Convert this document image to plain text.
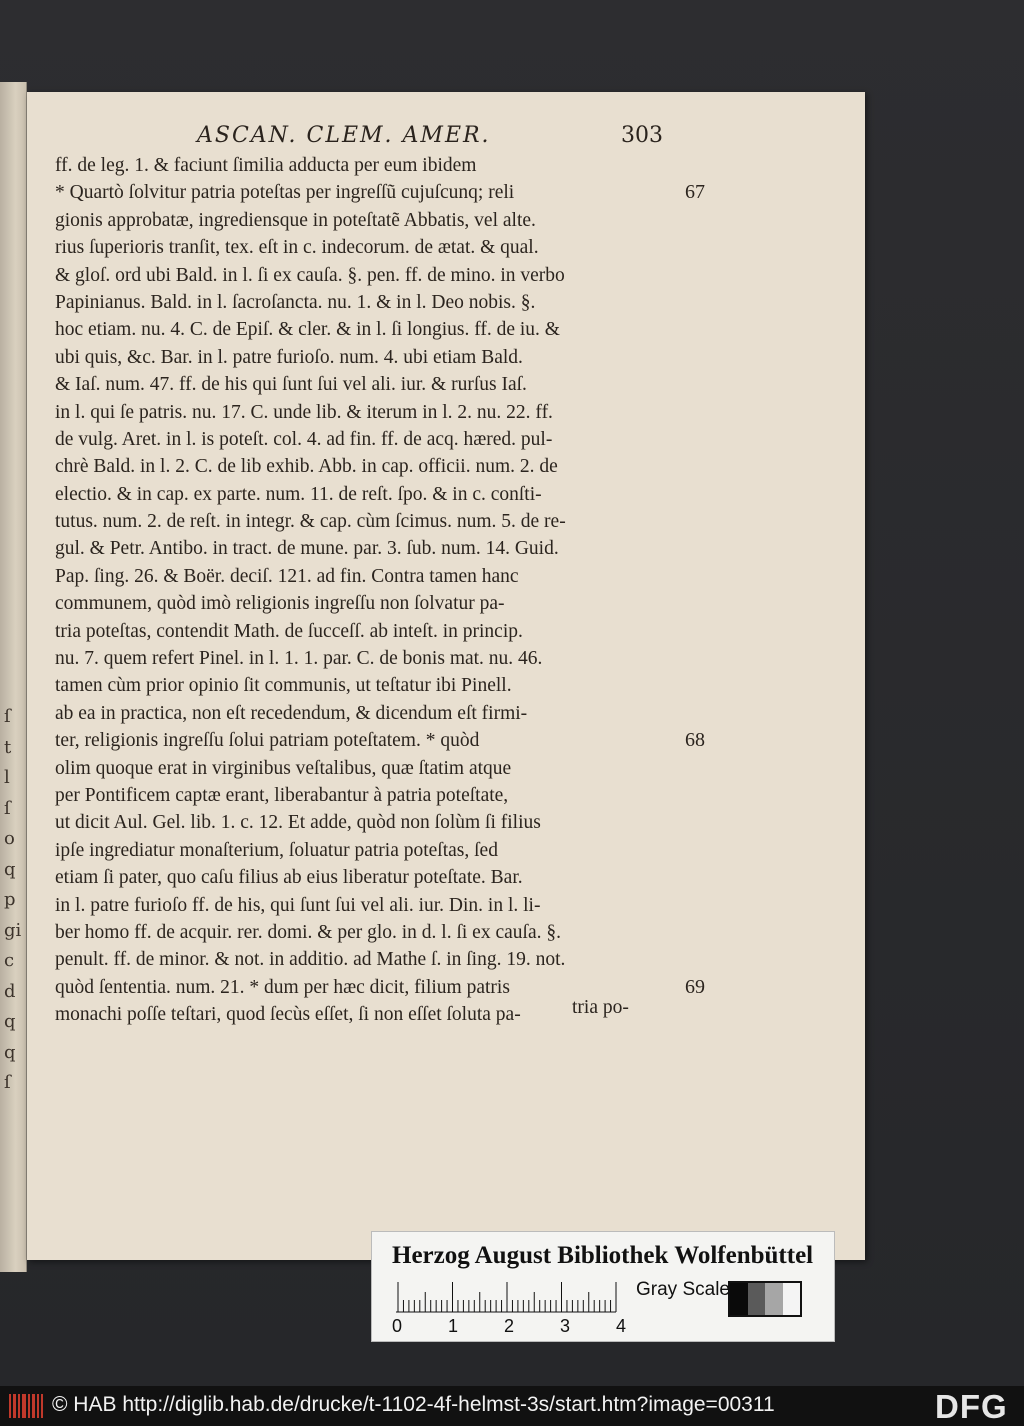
ſ
t
l
ſ
o
q
p
gi
c
d
q
q
ſ
ASCAN. CLEM. AMER.	303
ff. de leg. 1. & faciunt ſimilia adducta per eum ibidem
* Quartò ſolvitur patria poteſtas per ingreſſũ cujuſcunq; reli
gionis approbatæ, ingrediensque in poteſtatẽ Abbatis, vel alte.
rius ſuperioris tranſit, tex. eſt in c. indecorum. de ætat. & qual.
& gloſ. ord ubi Bald. in l. ſi ex cauſa. §. pen. ff. de mino. in verbo
Papinianus. Bald. in l. ſacroſancta. nu. 1. & in l. Deo nobis. §.
hoc etiam. nu. 4. C. de Epiſ. & cler. & in l. ſi longius. ff. de iu. &
ubi quis, &c. Bar. in l. patre furioſo. num. 4. ubi etiam Bald.
& Iaſ. num. 47. ff. de his qui ſunt ſui vel ali. iur. & rurſus Iaſ.
in l. qui ſe patris. nu. 17. C. unde lib. & iterum in l. 2. nu. 22. ff.
de vulg. Aret. in l. is poteſt. col. 4. ad fin. ff. de acq. hæred. pul-
chrè Bald. in l. 2. C. de lib exhib. Abb. in cap. officii. num. 2. de
electio. & in cap. ex parte. num. 11. de reſt. ſpo. & in c. conſti-
tutus. num. 2. de reſt. in integr. & cap. cùm ſcimus. num. 5. de re-
gul. & Petr. Antibo. in tract. de mune. par. 3. ſub. num. 14. Guid.
Pap. ſing. 26. & Boër. deciſ. 121. ad fin. Contra tamen hanc
communem, quòd imò religionis ingreſſu non ſolvatur pa-
tria poteſtas, contendit Math. de ſucceſſ. ab inteſt. in princip.
nu. 7. quem refert Pinel. in l. 1. 1. par. C. de bonis mat. nu. 46.
tamen cùm prior opinio ſit communis, ut teſtatur ibi Pinell.
ab ea in practica, non eſt recedendum, & dicendum eſt firmi-
ter, religionis ingreſſu ſolui patriam poteſtatem. * quòd
olim quoque erat in virginibus veſtalibus, quæ ſtatim atque
per Pontificem captæ erant, liberabantur à patria poteſtate,
ut dicit Aul. Gel. lib. 1. c. 12. Et adde, quòd non ſolùm ſi filius
ipſe ingrediatur monaſterium, ſoluatur patria poteſtas, ſed
etiam ſi pater, quo caſu filius ab eius liberatur poteſtate. Bar.
in l. patre furioſo ff. de his, qui ſunt ſui vel ali. iur. Din. in l. li-
ber homo ff. de acquir. rer. domi. & per glo. in d. l. ſi ex cauſa. §.
penult. ff. de minor. & not. in additio. ad Mathe ſ. in ſing. 19. not.
quòd ſententia. num. 21. * dum per hæc dicit, filium patris
monachi poſſe teſtari, quod ſecùs eſſet, ſi non eſſet ſoluta pa-
67
68
69
tria po-
Herzog August Bibliothek Wolfenbüttel
0	1	2	3	4
Gray Scale
© HAB http://diglib.hab.de/drucke/t-1102-4f-helmst-3s/start.htm?image=00311	DFG
